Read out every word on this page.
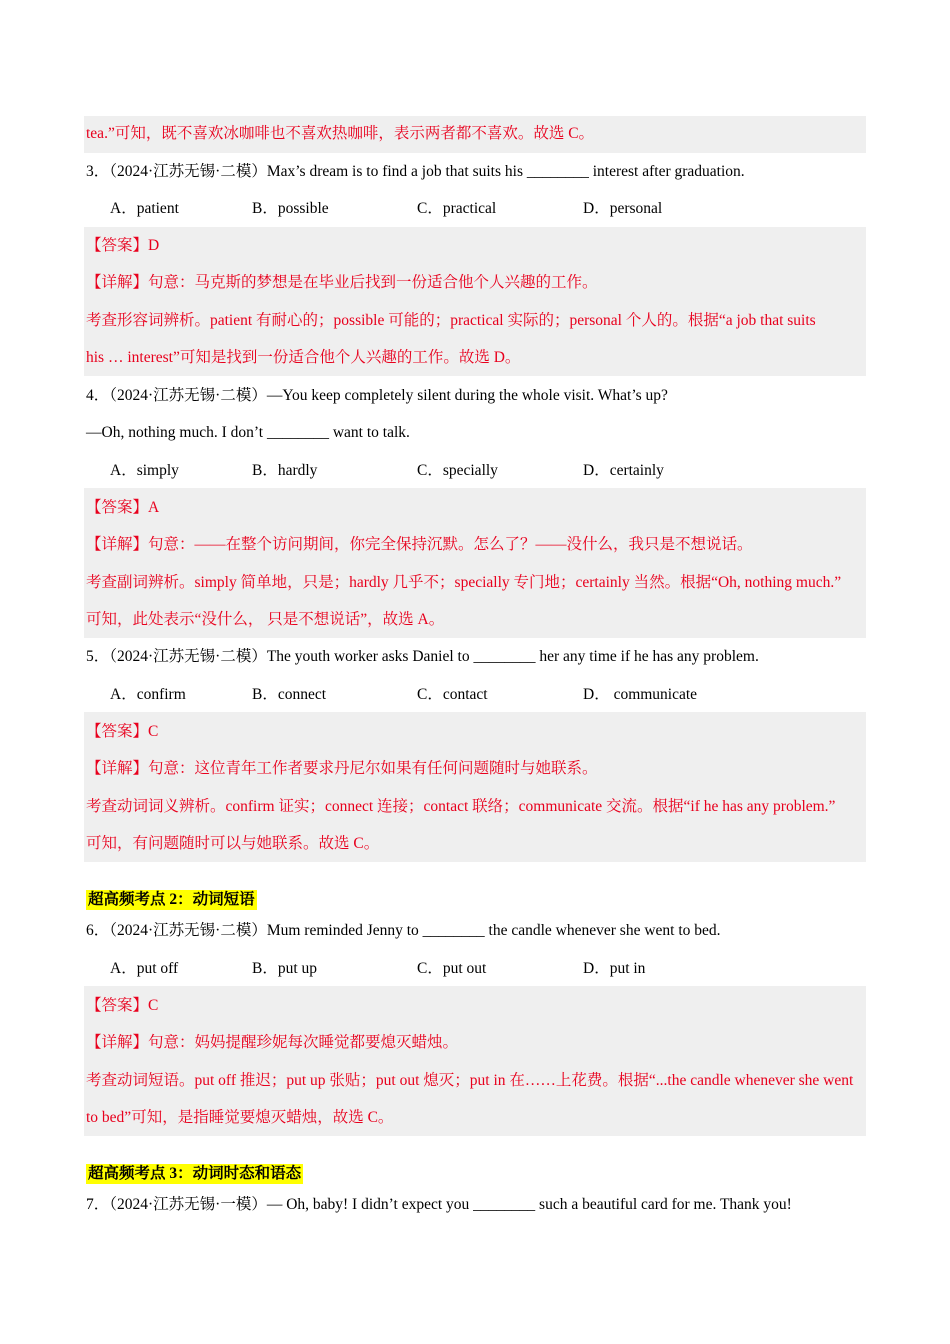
tea.”可知，既不喜欢冰咖啡也不喜欢热咖啡，表示两者都不喜欢。故选 C。
3．（2024·江苏无锡·二模）Max’s dream is to find a job that suits his ________ interest after graduation.
A．patient	B．possible	C．practical	D．personal
【答案】D
【详解】句意：马克斯的梦想是在毕业后找到一份适合他个人兴趣的工作。
考查形容词辨析。patient 有耐心的；possible 可能的；practical 实际的；personal 个人的。根据“a job that suits
his … interest”可知是找到一份适合他个人兴趣的工作。故选 D。
4．（2024·江苏无锡·二模）—You keep completely silent during the whole visit. What’s up?
—Oh, nothing much. I don’t ________ want to talk.
A．simply	B．hardly	C．specially	D．certainly
【答案】A
【详解】句意：——在整个访问期间，你完全保持沉默。怎么了？——没什么，我只是不想说话。
考查副词辨析。simply 简单地，只是；hardly 几乎不；specially 专门地；certainly 当然。根据“Oh, nothing much.”
可知，此处表示“没什么， 只是不想说话”，故选 A。
5．（2024·江苏无锡·二模）The youth worker asks Daniel to ________ her any time if he has any problem.
A．confirm	B．connect	C．contact	D． communicate
【答案】C
【详解】句意：这位青年工作者要求丹尼尔如果有任何问题随时与她联系。
考查动词词义辨析。confirm 证实；connect 连接；contact 联络；communicate 交流。根据“if he has any problem.”
可知，有问题随时可以与她联系。故选 C。
超高频考点 2：动词短语
6．（2024·江苏无锡·二模）Mum reminded Jenny to ________ the candle whenever she went to bed.
A．put off	B．put up	C．put out	D．put in
【答案】C
【详解】句意：妈妈提醒珍妮每次睡觉都要熄灭蜡烛。
考查动词短语。put off 推迟；put up 张贴；put out 熄灭；put in 在……上花费。根据“...the candle whenever she went
to bed”可知，是指睡觉要熄灭蜡烛，故选 C。
超高频考点 3：动词时态和语态
7．（2024·江苏无锡·一模）— Oh, baby! I didn’t expect you ________ such a beautiful card for me. Thank you!
